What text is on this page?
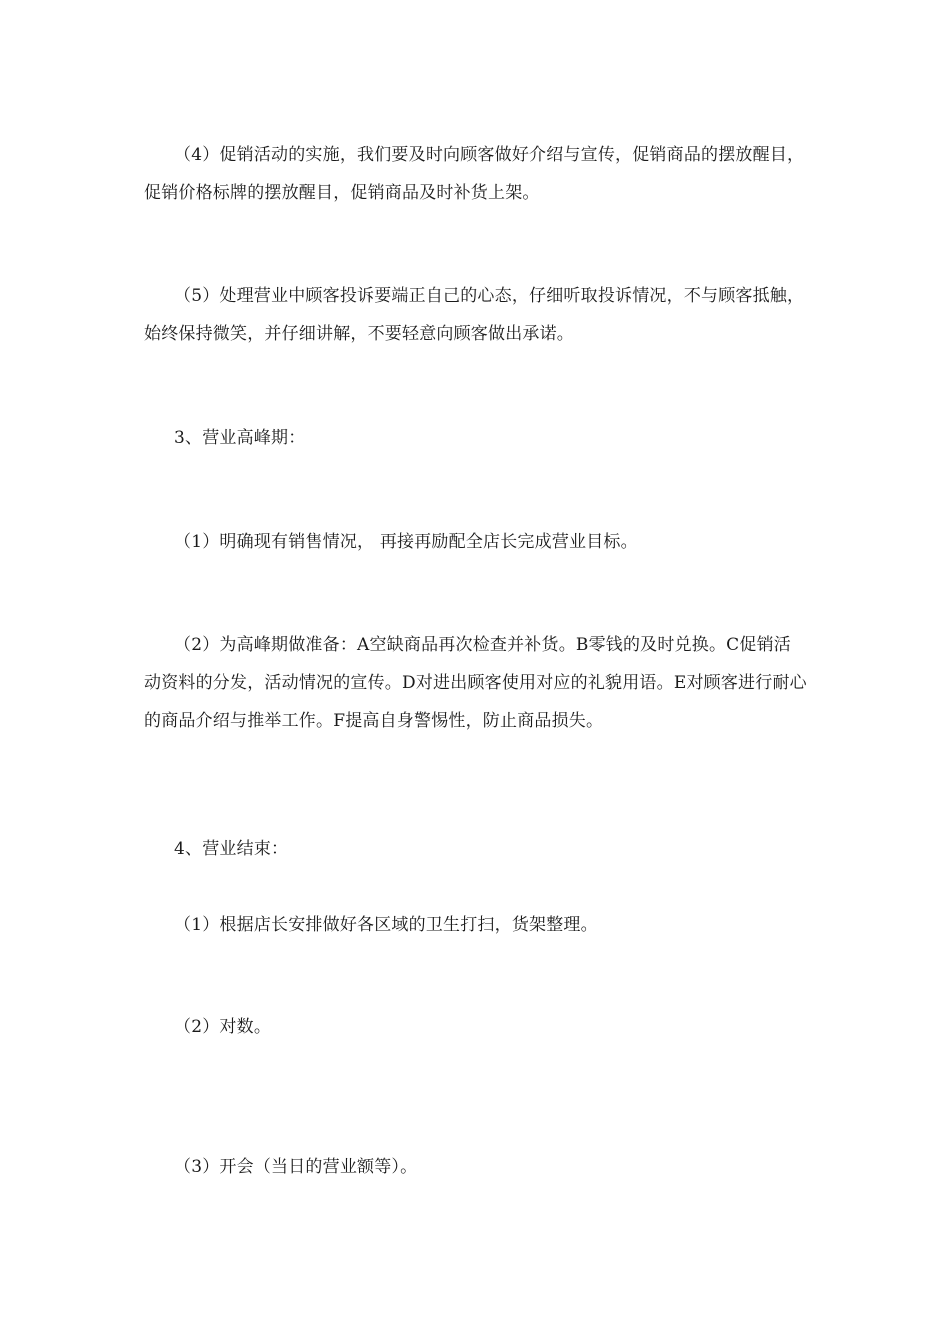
（4）促销活动的实施，我们要及时向顾客做好介绍与宣传，促销商品的摆放醒目，促销价格标牌的摆放醒目，促销商品及时补货上架。

（5）处理营业中顾客投诉要端正自己的心态，仔细听取投诉情况，不与顾客抵触，始终保持微笑，并仔细讲解，不要轻意向顾客做出承诺。

3、营业高峰期：

（1）明确现有销售情况， 再接再励配全店长完成营业目标。

（2）为高峰期做准备：A空缺商品再次检查并补货。B零钱的及时兑换。C促销活动资料的分发，活动情况的宣传。D对进出顾客使用对应的礼貌用语。E对顾客进行耐心的商品介绍与推举工作。F提高自身警惕性，防止商品损失。

4、营业结束：

（1）根据店长安排做好各区域的卫生打扫，货架整理。

（2）对数。

（3）开会（当日的营业额等）。
